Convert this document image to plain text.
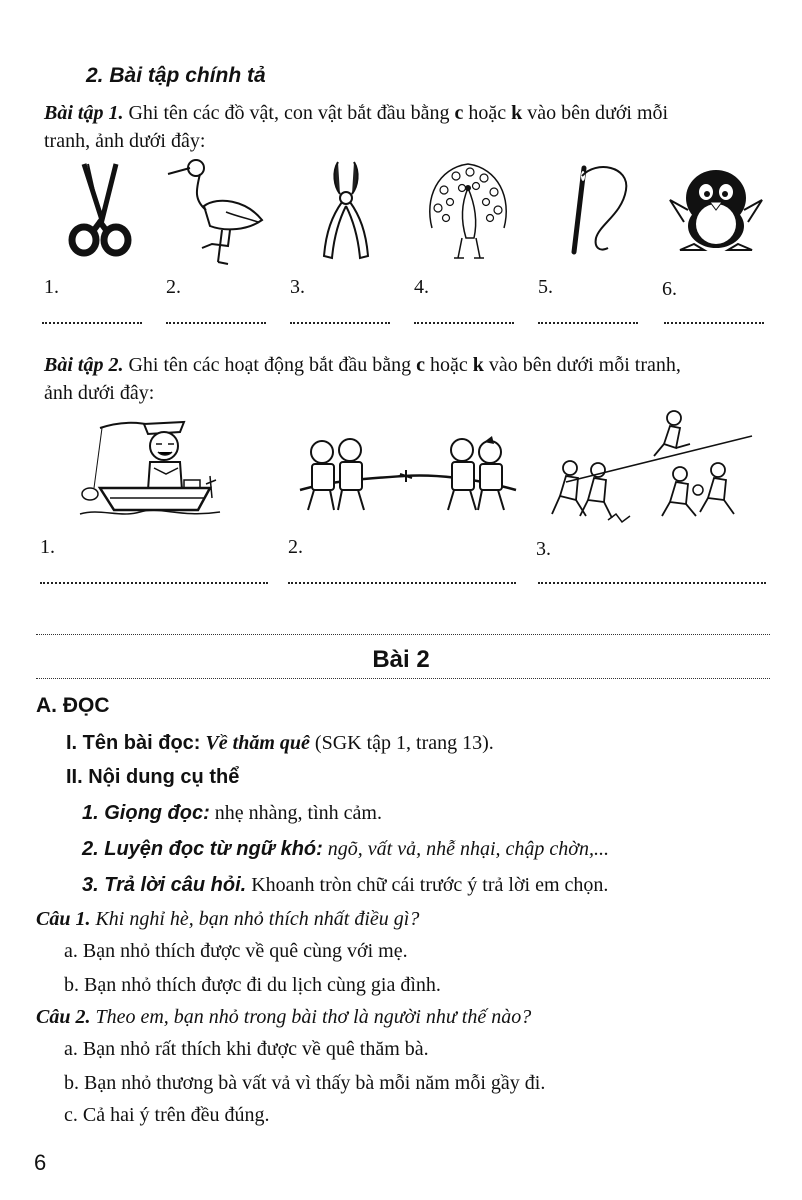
2. Bài tập chính tả
Bài tập 1. Ghi tên các đồ vật, con vật bắt đầu bằng c hoặc k vào bên dưới mỗi
tranh, ảnh dưới đây:
1.	2.	3.	4.	5.	6.
Bài tập 2. Ghi tên các hoạt động bắt đầu bằng c hoặc k vào bên dưới mỗi tranh,
ảnh dưới đây:
1.	2.	3.
Bài 2
A. ĐỌC
I. Tên bài đọc: Về thăm quê (SGK tập 1, trang 13).
II. Nội dung cụ thể
1. Giọng đọc: nhẹ nhàng, tình cảm.
2. Luyện đọc từ ngữ khó: ngõ, vất vả, nhễ nhại, chập chờn,...
3. Trả lời câu hỏi. Khoanh tròn chữ cái trước ý trả lời em chọn.
Câu 1. Khi nghỉ hè, bạn nhỏ thích nhất điều gì?
a. Bạn nhỏ thích được về quê cùng với mẹ.
b. Bạn nhỏ thích được đi du lịch cùng gia đình.
Câu 2. Theo em, bạn nhỏ trong bài thơ là người như thế nào?
a. Bạn nhỏ rất thích khi được về quê thăm bà.
b. Bạn nhỏ thương bà vất vả vì thấy bà mỗi năm mỗi gầy đi.
c. Cả hai ý trên đều đúng.
6
